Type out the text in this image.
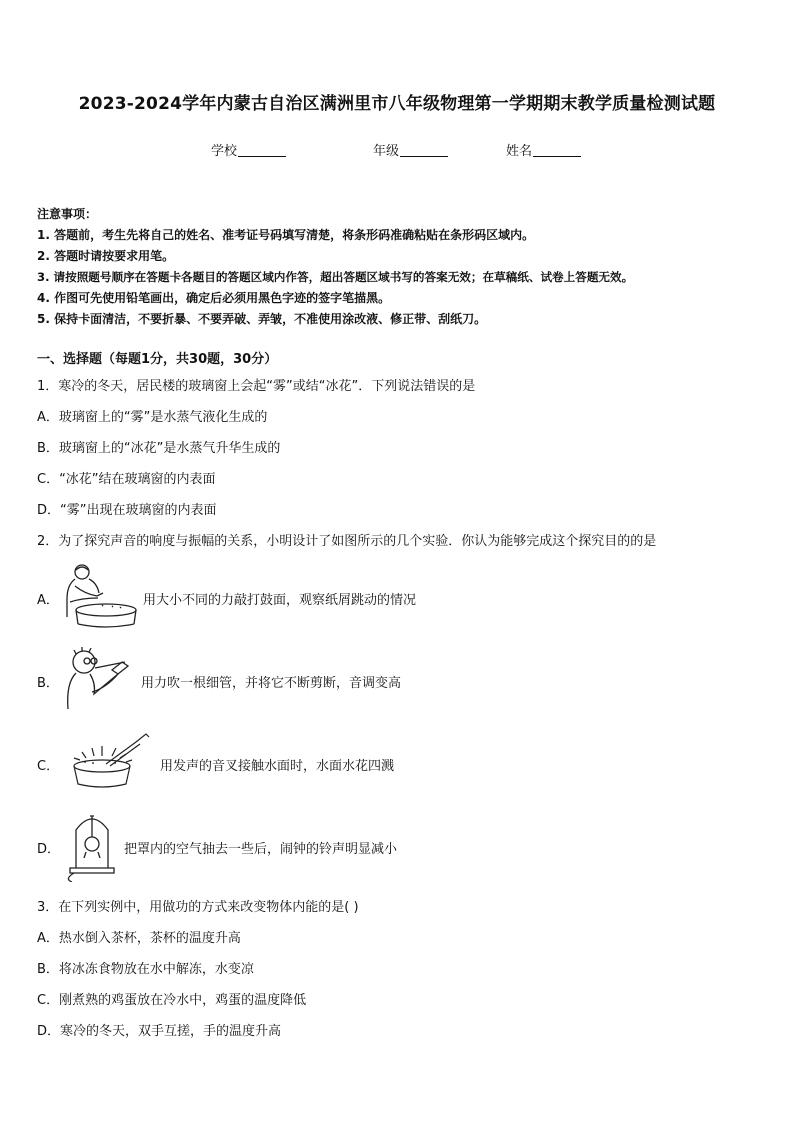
2023-2024学年内蒙古自治区满洲里市八年级物理第一学期期末教学质量检测试题
学校	年级	姓名
注意事项：
1. 答题前，考生先将自己的姓名、准考证号码填写清楚，将条形码准确粘贴在条形码区域内。
2. 答题时请按要求用笔。
3. 请按照题号顺序在答题卡各题目的答题区域内作答，超出答题区域书写的答案无效；在草稿纸、试卷上答题无效。
4. 作图可先使用铅笔画出，确定后必须用黑色字迹的签字笔描黑。
5. 保持卡面清洁，不要折暴、不要弄破、弄皱，不准使用涂改液、修正带、刮纸刀。
一、选择题（每题1分，共30题，30分）
1．寒冷的冬天，居民楼的玻璃窗上会起“雾”或结“冰花”．下列说法错误的是
A．玻璃窗上的“雾”是水蒸气液化生成的
B．玻璃窗上的“冰花”是水蒸气升华生成的
C．“冰花”结在玻璃窗的内表面
D．“雾”出现在玻璃窗的内表面
2．为了探究声音的响度与振幅的关系，小明设计了如图所示的几个实验．你认为能够完成这个探究目的的是
A．	用大小不同的力敲打鼓面，观察纸屑跳动的情况
B．	用力吹一根细管，并将它不断剪断，音调变高
C．	用发声的音叉接触水面时，水面水花四溅
D．	把罩内的空气抽去一些后，闹钟的铃声明显减小
3．在下列实例中，用做功的方式来改变物体内能的是( )
A．热水倒入茶杯，茶杯的温度升高
B．将冰冻食物放在水中解冻，水变凉
C．刚煮熟的鸡蛋放在冷水中，鸡蛋的温度降低
D．寒冷的冬天，双手互搓，手的温度升高
